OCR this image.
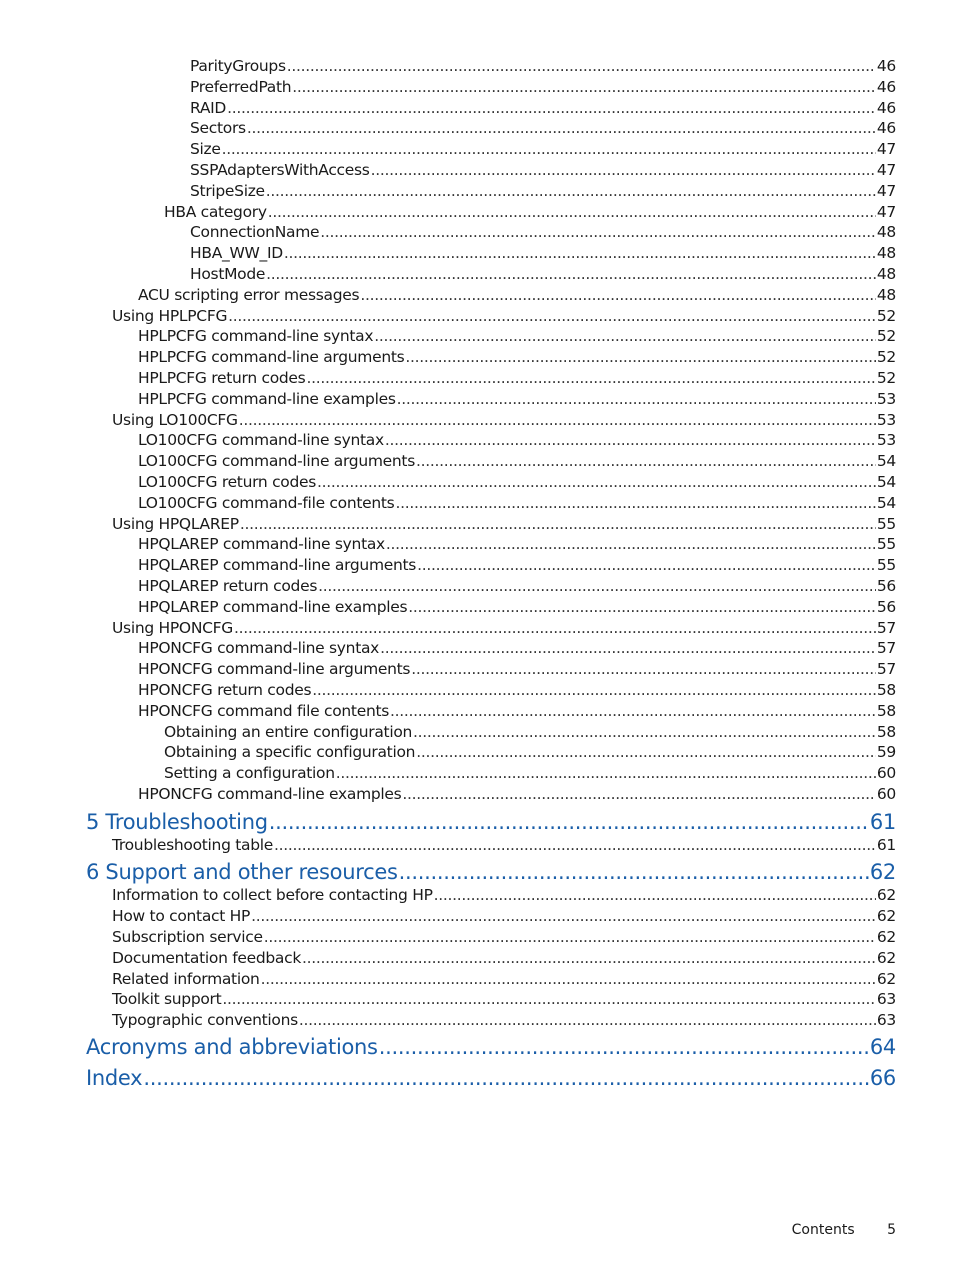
ParityGroups .....	46
PreferredPath .....	46
RAID .....	46
Sectors .....	46
Size .....	47
SSPAdaptersWithAccess .....	47
StripeSize .....	47
HBA category .....	47
ConnectionName .....	48
HBA_WW_ID .....	48
HostMode .....	48
ACU scripting error messages .....	48
Using HPLPCFG .....	52
HPLPCFG command-line syntax .....	52
HPLPCFG command-line arguments .....	52
HPLPCFG return codes .....	52
HPLPCFG command-line examples .....	53
Using LO100CFG .....	53
LO100CFG command-line syntax .....	53
LO100CFG command-line arguments .....	54
LO100CFG return codes .....	54
LO100CFG command-file contents .....	54
Using HPQLAREP .....	55
HPQLAREP command-line syntax .....	55
HPQLAREP command-line arguments .....	55
HPQLAREP return codes .....	56
HPQLAREP command-line examples .....	56
Using HPONCFG .....	57
HPONCFG command-line syntax .....	57
HPONCFG command-line arguments .....	57
HPONCFG return codes .....	58
HPONCFG command file contents .....	58
Obtaining an entire configuration .....	58
Obtaining a specific configuration .....	59
Setting a configuration .....	60
HPONCFG command-line examples .....	60
5 Troubleshooting .....	61
Troubleshooting table .....	61
6 Support and other resources .....	62
Information to collect before contacting HP .....	62
How to contact HP .....	62
Subscription service .....	62
Documentation feedback .....	62
Related information .....	62
Toolkit support .....	63
Typographic conventions .....	63
Acronyms and abbreviations .....	64
Index .....	66
Contents 5
